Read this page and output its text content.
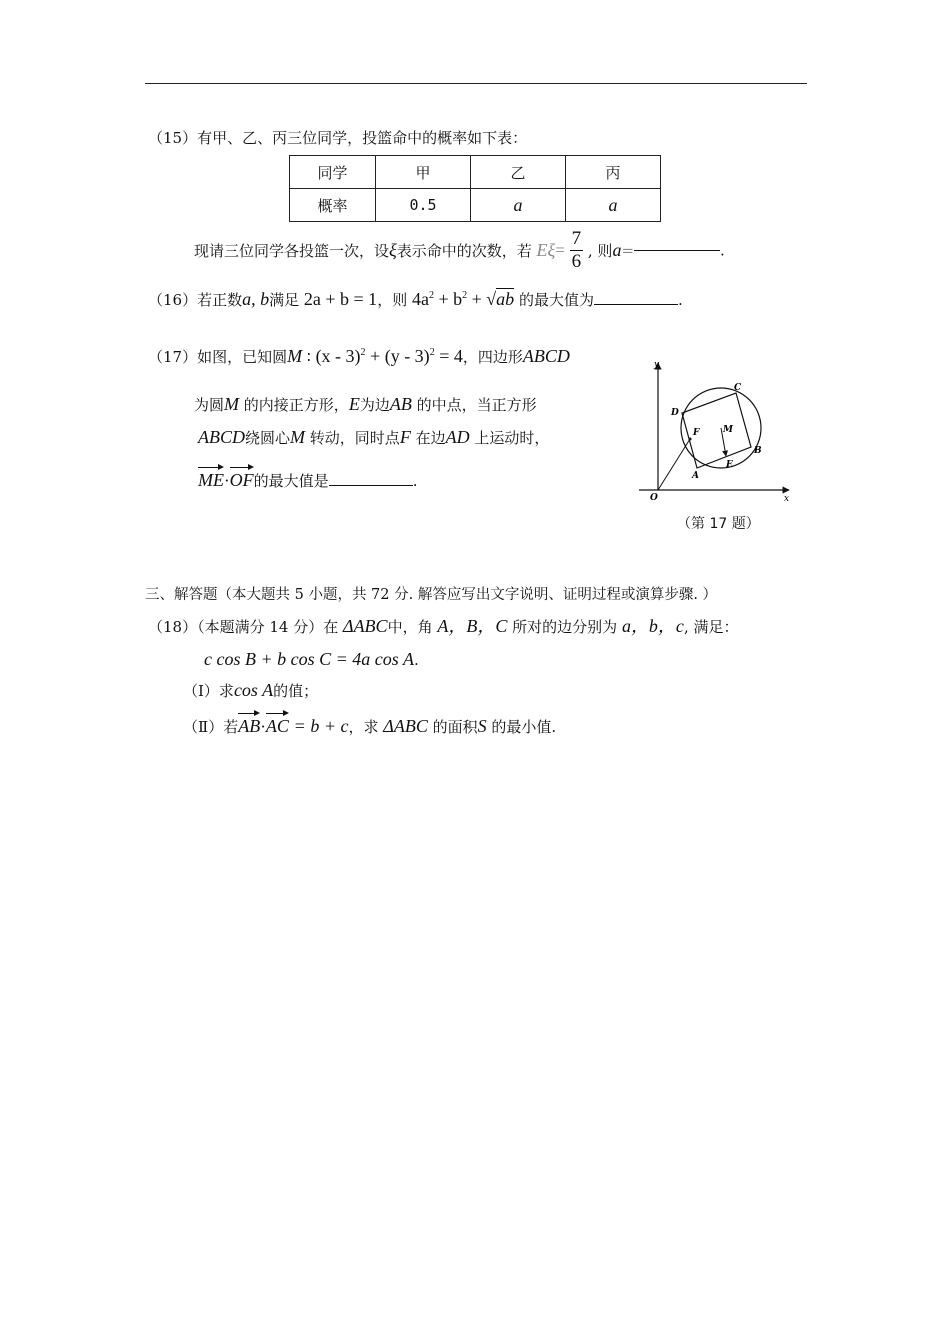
（15）有甲、乙、丙三位同学，投篮命中的概率如下表：
同学	甲	乙	丙
概率	0.5	a	a
现请三位同学各投篮一次，设ξ表示命中的次数，若 $E\xi= \frac{7}{6}$ , 则a=	.
（16）若正数a, b满足 2a + b = 1，则 $4a^2 + b^2 + √ab$ 的最大值为	.
（17）如图，已知圆M ∶ (x - 3)$^2$ + (y - 3)$^2$ = 4，四边形ABCD
为圆M 的内接正方形，E为边AB 的中点，当正方形
ABCD绕圆心M 转动，同时点F 在边AD 上运动时，
ME·OF的最大值是	.
y
x
O
A
B
C
D
E
F	M
（第 17 题）
三、解答题（本大题共 5 小题，共 72 分. 解答应写出文字说明、证明过程或演算步骤. ）
（18）（本题满分 14 分）在 ΔABC中，角 A，B，C 所对的边分别为 a，b，c, 满足：
c cos B + b cos C = 4a cos A.
（Ⅰ）求cos A的值；
（Ⅱ）若AB·AC = b + c，求 ΔABC 的面积S 的最小值.
